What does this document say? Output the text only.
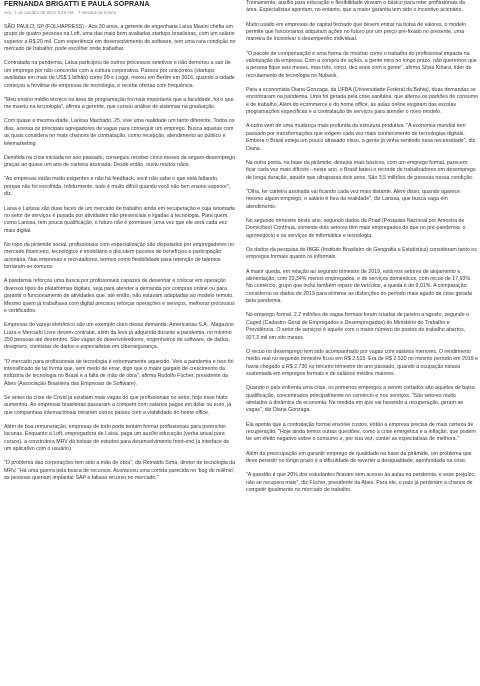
FERNANDA BRIGATTI E PAULA SOPRANA
sex., 1 de outubro de 2021 5:25 AM 7 minutos de leitura

SÃO PAULO, SP (FOLHAPRESS) - Aos 30 anos, a gerente de engenharia Laísa Masini chefia um grupo de quatro pessoas na Loft, uma das mais bem avaliadas startups brasileiras, com um salário superior a R$ 20 mil. Com experiência em desenvolvimento de software, tem uma rara condição no mercado de trabalho: pode escolher onde trabalhar.

Contratada na pandemia, Laísa participou de outros processos seletivos e não demorou a sair de um emprego por não concordar com a cultura corporativa. Passou por unicórnios (startups avaliadas em mais de US$ 1 bilhão) como 99 e Loggi, morou em Berlim em 2016, quando a cidade começou a ferviihar de empresas de tecnologia, e recebe ofertas com frequência.

"Meu ensino médio técnico na área de programação foi mais importante que a faculdade, foi o que me inseriu na tecnologia", afirma a gerente, que cursou análise de sistemas na graduação.

Com quase a mesma idade, Larissa Machado, 25, vive uma realidade um tanto diferente. Todos os dias, acessa os principais agregadores de vagas para conseguir um emprego. Busca aquelas com as quais considera ter mais chances de contratação, como recepção, atendimento ao público e telemarketing.

Demitida na crise iniciada no ano passado, conseguiu receber cinco meses de seguro-desemprego graças ao quase um ano de carteira assinada. Desde então, ouviu muitos nãos.

"As empresas estão muito exigentes e não há feedback, você não sabe o que está faltando, porque não foi escolhida. Infelizmente, tudo é muito difícil quando você não tem ensino superior", diz.

Laísa e Larissa são duas faces de um mercado de trabalho ainda em recuperação e cuja retomada no setor de serviços é puxada por atividades não presenciais e ligadas à tecnologia. Para quem, como Larissa, tem pouca qualificação, o futuro não é promissor, uma vez que ele será cada vez mais digital.

No topo da pirâmide social, profissionais com especialização são disputados por empregadores no mercado financeiro, tecnológico e imobiliário e discutem pacotes de benefícios e participação acionária. Nas empresas e recrutadores, termos como flexibilidade para retenção de talentos tornaram-se comuns.

A pandemia reforçou uma busca por profissionais capazes de desenhar e colocar em operação diversos tipos de plataformas digitais, seja para atender a demanda por compras online ou para garantir o funcionamento de atividades que, até então, não estavam adaptadas ao modelo remoto. Mesmo quem já trabalhava com digital precisou reforçar operações e serviços, melhorar processos e certificados.

Empresas do varejo eletrônico são um exemplo claro dessa demanda: Americanas S.A., Magazine Luiza e Mercado Livre devem contratar, além da leva já adquirida durante a pandemia, no mínimo 250 pessoas até dezembro. São vagas de desenvolvedores, engenheiros de software, de dados, designers, cientistas de dados e especialistas em cibersegurança.

"O mercado para profissionais de tecnologia é extremamente aquecido. Veio a pandemia e isso foi intensificado de tal forma que, sem medo de errar, digo que o maior gargalo de crescimento da indústria de tecnologia no Brasil é a falta de mão de obra", afirma Rodolfo Fücher, presidente da Abes (Associação Brasileira das Empresas de Software).

Se antes da crise de Covid já existiam mais vagas do que profissionais no setor, hoje esse hiato aumentou. As empresas brasileiras passaram a competir com salários pagos em dólar ou euro, já que companhias internacionais miraram outros países com a viabilidade do home office.

Além de boa remuneração, empresas de todo porte tentam formar profissionais para preencher lacunas. Enquanto a Loft, empregadora de Laísa, paga um auxílio educação (verba anual para cursos), a construtora MRV dá bolsas de estudos para desenvolvimento front-end (a interface de um aplicativo com o usuário).

"O problema das corporações tem sido a mão de obra", diz Reinaldo Sima, diretor de tecnologia da MRV. "Há uma guerra pela busca de recursos. Aconteceu uma corrida parecida no 'bug do milênio', as pessoas queriam implantar SAP e faltava recurso no mercado."

Treinamento, auxílio para educação e flexibilidade viraram o básico para reter profissionais da área. Especialistas apontam, no entanto, que a maior garantia tem sido o incentivo acionário.

Muito usado em empresas de capital fechado que devem entrar na bolsa de valores, o modelo permite que funcionários adquiram ações no futuro por um preço pré-fixado no presente, uma maneira de incentivar o desempenho individual.

"O pacote de compensação é uma forma de mostrar como o trabalho do profissional impacta na valorização da empresa. Com a compra de ações, a gente mira no longo prazo, não queremos que a pessoa fique seis meses, mas três, cinco, dez anos com a gente", afirma Sílvia Kihara, líder de recrutamento de tecnologia no Nubank.

Para a economista Diana Gonzaga, da UFBA (Universidade Federal da Bahia), duas demandas se encontraram na pandemia. Uma foi gerada pela crise sanitária, que alterou os padrões de consumo e de trabalho. Além do ecommerce e do home office, as aulas online exigiram das escolas programações específicas e a contratação de serviços para atender o novo modelo.

A outra vem de uma mudança mais profunda da estrutura produtiva. "A economia mundial tem passado por transformações que exigem cada vez mais conhecimento de tecnologias digitais. Embora o Brasil esteja um pouco atrasado nisso, a gente já vinha sentindo essa necessidade", diz Diana.

Na outra ponta, na base da pirâmide, desejos mais básicos, com um emprego formal, parecem ficar cada vez mais difíceis --neste ano, o Brasil bateu o recorde de trabalhadores em desemprego de longa duração, aquele que ultrapassa dois anos. São 3,5 milhões de pessoas nessa condição.

"Olha, ter carteira assinada vai ficando cada vez mais distante. Além disso, quando aparece mesmo algum emprego, o salário é fora da realidade", diz Larissa, que busca vaga em atendimento.

No segundo trimestre deste ano, segundo dados da Pnad (Pesquisa Nacional por Amostra de Domicílios) Contínua, somente dois setores têm mais empregados do que no pré-pandemia: o agronegócio e os serviços de informática e tecnologia.

Os dados da pesquisa do IBGE (Instituto Brasileiro de Geografia e Estatística) consideram tanto os empregos formais quanto os informais.

A maior queda, em relação ao segundo trimestre de 2019, está nos setores de alojamento e alimentação, com 20,34% menos empregados, e de serviços domésticos, com recuo de 17,93%. No comércio, grupo que inclui também reparo de veículos, a queda é de 9,01%. A comparação considerou os dados de 2019 para eliminar as distorções do período mais agudo da crise gerada pela pandemia.

No emprego formal, 2,2 milhões de vagas formais foram criadas de janeiro a agosto, segundo o Caged (Cadastro Geral de Empregados e Desempregados) do Ministério do Trabalho e Previdência. O setor de serviços é aquele com o maior número de postos de trabalho abertos, 927,2 mil em oito meses.

O recuo no desemprego tem sido acompanhado por vagas com salários menores. O rendimento médio real no segundo trimestre ficou em R$ 2.515. Era de R$ 2.520 no mesmo período em 2019 e havia chegado a R$ 2.730 no terceiro trimestre do ano passado, quando a ocupação estava sustentada em empregos formais e de salários médios maiores.

Quando o país enfrenta uma crise, os primeiros empregos a serem cortados são aqueles de baixa qualificação, concentrados principalmente no comércio e nos serviços. "São setores muito atrelados à dinâmica da economia. Na medida em que vai havendo a recuperação, geram-se vagas", diz Diana Gonzaga.

Ela aponta que a contratação formal envolve custos, então a empresa precisa de mais certeza de recuperação. "Hoje ainda temos outras questões, como a crise energética e a inflação, que podem ter um efeito negativo sobre o consumo e, por sua vez, conter as expectativas de melhora."

Além da preocupação em garantir emprego de qualidade na base da pirâmide, um problema que deve persistir no longo prazo é a dificuldade de reverter a desigualdade, aprofundada na crise.

"A questão é que 20% dos estudantes ficaram sem acesso às aulas na pandemia, e esse prejuízo, não se recupera mais", diz Fücher, presidente da Abes. Para ele, o país já perderam a chance de competir igualmente no mercado de trabalho.
